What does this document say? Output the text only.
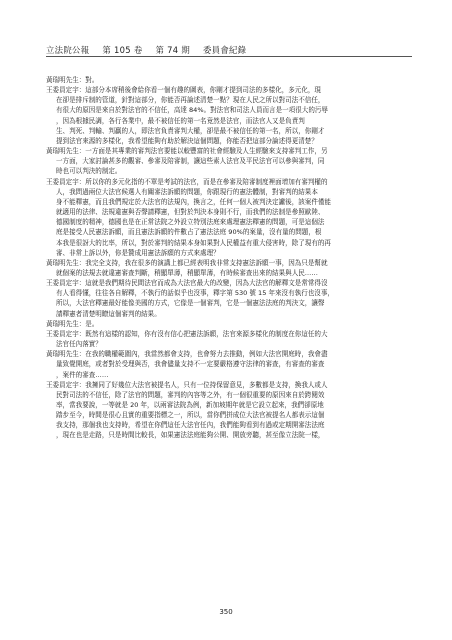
立法院公報 第 105 卷 第 74 期 委員會紀錄
黃瑞明先生：對。
王委員定宇：這部分本席稍後會給你看一個有趣的圖表，你剛才提到司法的多樣化，多元化，現
在卻是排斥制的管道，針對這部分，你能否再論述清楚一點？現在人民之所以對司法不信任，
有很大的原因是來自於對法官的不信任，高達 84%。對法官和司法人員而言是一項很大的污辱
，因為根據民調，各行各業中，最不被信任的第一名竟然是法官，而法官人又是負責判
生、判死、判輸、判贏的人，即法官負責審判大權，卻是最不被信任的第一名，所以，你剛才
提到法官來源的多樣化，我希望能夠有助於解決這個問題，你能否把這部分論述得更清楚？
黃瑞明先生：一方面是其專業的審判法官要能以較豐富的社會經驗及人生經驗來支持審判工作，另
一方面，大家討論甚多的觀審、參審及陪審制，讓這些素人法官及平民法官可以參與審判，同
時也可以判決的制定。
王委員定宇：所以你的多元化指的不單是考試的法官，而是在參審及陪審制度裡面增加有審判權的
人，我問過兩位大法官候選人有關審法訴願的問題，你跟現行的憲法體制，對審判的結果本
身不能釋憲，而且我們規定於大法官的法規內，換言之，任何一個人被判決定讞後，該案件僅能
就適用的法律、法規違憲與否聲請釋憲，但對於判決本身則不行，而我們的法制是參照歐陸、
德國制度的精神，德國也是在正常法院之外設立特別法庭來處理憲法釋憲的問題，可是這個法
庭是接受人民憲法訴願，而且憲法訴願的件數占了憲法法庭 90%的案量，沒有量的問題，根
本我是很訝大的比率，所以，對於審判的結果本身如果對人民權益有重大侵害時，除了現有的再
審、非常上訴以外，你是贊成用憲法訴願的方式來處理？
黃瑞明先生：我完全支持，我在很多的演講上都已經表明我非常支持憲法訴願一事，因為只是幫就
就個案的法規去就違憲審查判斷，稍顯單薄，稍顯單薄，有時候審查出來的結果與人民……
王委員定宇：這就是我們期待民間法官而成為大法官最大的改變，因為大法官的解釋文是常常得沒
有人看得懂，往往各自解釋，不執行的話似乎也沒事，釋字第 530 號 15 年來沒有執行也沒事，
所以，大法官釋憲最好能像美國的方式，它像是一個審判，它是一個憲法法庭的判決文，讓聲
請釋憲者清楚明瞭這個審判的結果。
黃瑞明先生：是。
王委員定宇：既然有這樣的認知，你有沒有信心把憲法訴願，法官來源多樣化的制度在你這任的大
法官任內落實？
黃瑞明先生：在我的職權範圍內，我當然都會支持，也會努力去推動，例如大法官開庭時，我會盡
量致覺開庭，或者對於受理與否，我會儘量支持不一定要嚴格遵守法律的審查，有審查的審查
，案件的審查……
王委員定宇：我擁同了好幾位大法官被提名人，只有一位持保留意見，多數都是支持，換我人或人
民對司法的不信任，除了法官的問題，審判的內容等之外，有一個很重要的原因來自於跨閱效
率，當我要說，一等就是 20 年，以兩審法院為例，新加坡期年就是它設立起來，我們卻原地
踏步至今，時間是很心且實的重要指標之一，所以，當你們拼成位大法官被提名人都表示這個
我支持，那個我也支持時，希望在你們這任大法官任內，我們能夠看到有過或定期開審法法庭
，現在也是走路，只是時間比較長，如果憲法法庭能夠公開、開放旁聽，甚至像立法院一樣，
350
